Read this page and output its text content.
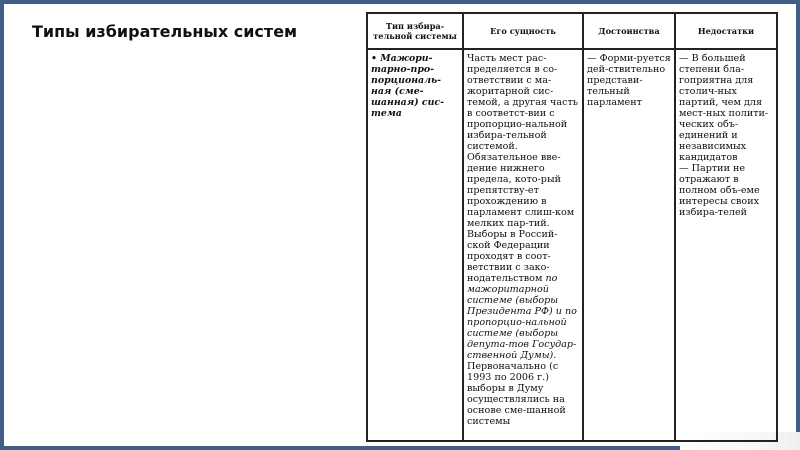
Типы избирательных систем	Тип избира-тельной системы	Его сущность	Достоинства	Недостатки
• Мажори-тарно-про-порциональ-ная (сме-шанная) сис-тема	Часть мест рас-пределяется в со-ответствии с ма-жоритарной сис-темой, а другая часть в соответст-вии с пропорцио-нальной избира-тельной системой. Обязательное вве-дение нижнего предела, кото-рый препятству-ет прохождению в парламент слиш-ком мелких пар-тий.
Выборы в Россий-ской Федерации проходят в соот-ветствии с зако-нодательством по мажоритарной системе (выборы Президента РФ) и по пропорцио-нальной системе (выборы депута-тов Государ-ственной Думы).
Первоначально (с 1993 по 2006 г.) выборы в Думу осуществлялись на основе сме-шанной системы	— Форми-руется дей-ствительно представи-тельный парламент	— В большей степени бла-гоприятна для столич-ных партий, чем для мест-ных полити-ческих объ-единений и независимых кандидатов
— Партии не отражают в полном объ-еме интересы своих избира-телей
